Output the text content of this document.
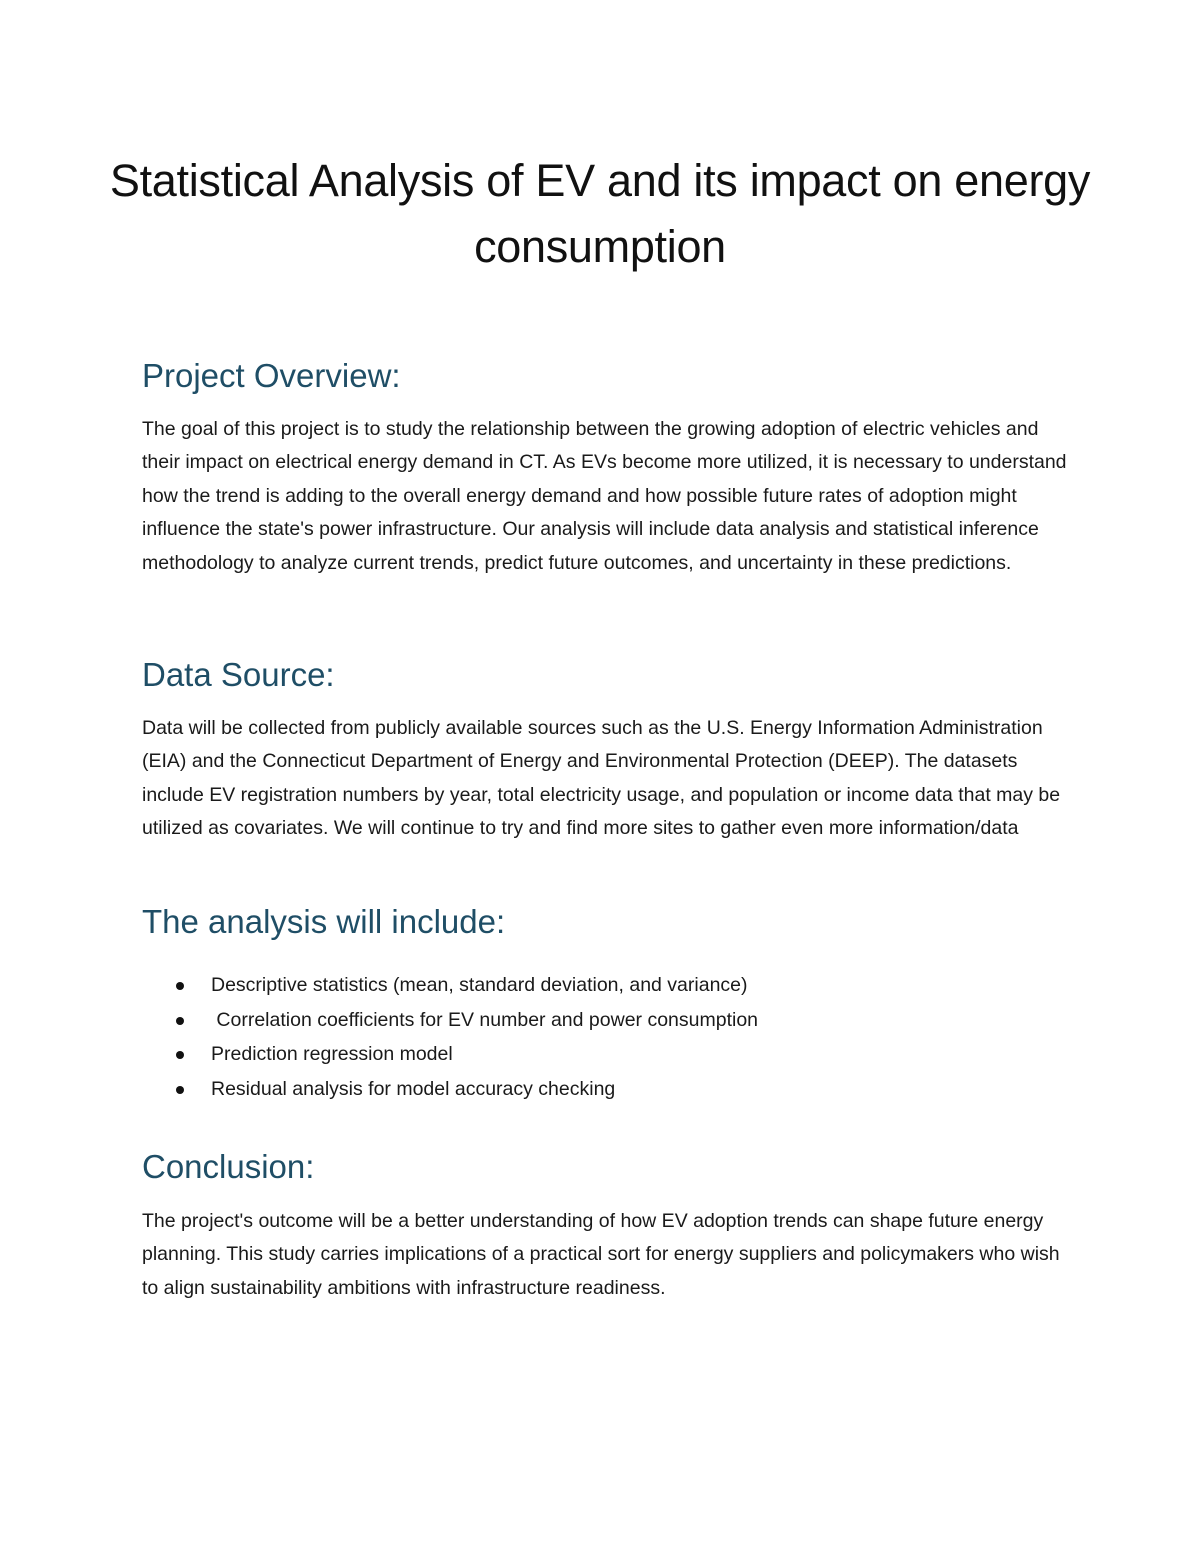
Statistical Analysis of EV and its impact on energy consumption
Project Overview:

The goal of this project is to study the relationship between the growing adoption of electric vehicles and their impact on electrical energy demand in CT. As EVs become more utilized, it is necessary to understand how the trend is adding to the overall energy demand and how possible future rates of adoption might influence the state's power infrastructure. Our analysis will include data analysis and statistical inference methodology to analyze current trends, predict future outcomes, and uncertainty in these predictions.

Data Source:

Data will be collected from publicly available sources such as the U.S. Energy Information Administration (EIA) and the Connecticut Department of Energy and Environmental Protection (DEEP). The datasets include EV registration numbers by year, total electricity usage, and population or income data that may be utilized as covariates. We will continue to try and find more sites to gather even more information/data

The analysis will include:
Descriptive statistics (mean, standard deviation, and variance)
Correlation coefficients for EV number and power consumption
Prediction regression model
Residual analysis for model accuracy checking
Conclusion:

The project's outcome will be a better understanding of how EV adoption trends can shape future energy planning. This study carries implications of a practical sort for energy suppliers and policymakers who wish to align sustainability ambitions with infrastructure readiness.
